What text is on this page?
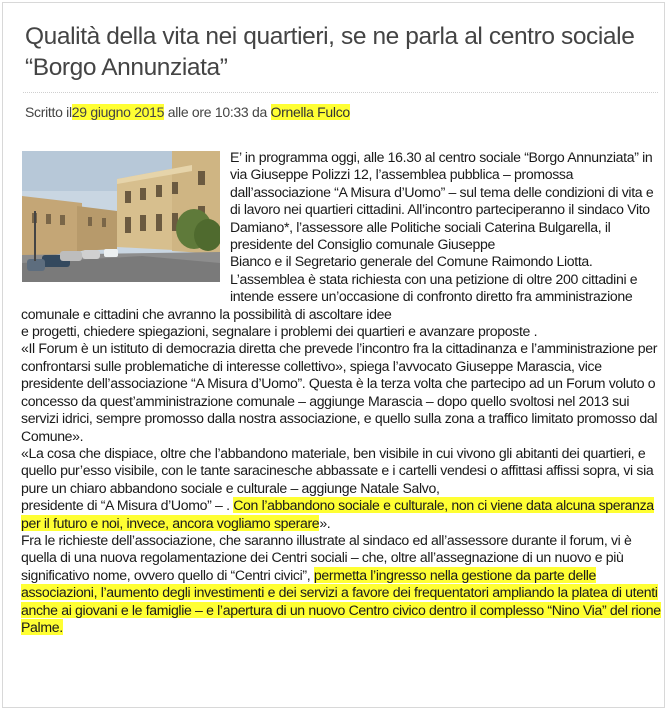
Qualità della vita nei quartieri, se ne parla al centro sociale “Borgo Annunziata”
Scritto il29 giugno 2015 alle ore 10:33 da Ornella Fulco

E’ in programma oggi, alle 16.30 al centro sociale “Borgo Annunziata” in via Giuseppe Polizzi 12, l’assemblea pubblica – promossa dall’associazione “A Misura d’Uomo” – sul tema delle condizioni di vita e di lavoro nei quartieri cittadini. All’incontro parteciperanno il sindaco Vito Damiano*, l’assessore alle Politiche sociali Caterina Bulgarella, il presidente del Consiglio comunale Giuseppe

Bianco e il Segretario generale del Comune Raimondo Liotta.

L’assemblea è stata richiesta con una petizione di oltre 200 cittadini e intende essere un’occasione di confronto diretto fra amministrazione comunale e cittadini che avranno la possibilità di ascoltare idee

e progetti, chiedere spiegazioni, segnalare i problemi dei quartieri e avanzare proposte .

«Il Forum è un istituto di democrazia diretta che prevede l’incontro fra la cittadinanza e l’amministrazione per confrontarsi sulle problematiche di interesse collettivo», spiega l’avvocato Giuseppe Marascia, vice presidente dell’associazione “A Misura d’Uomo”. Questa è la terza volta che partecipo ad un Forum voluto o concesso da quest’amministrazione comunale – aggiunge Marascia – dopo quello svoltosi nel 2013 sui servizi idrici, sempre promosso dalla nostra associazione, e quello sulla zona a traffico limitato promosso dal Comune».

«La cosa che dispiace, oltre che l’abbandono materiale, ben visibile in cui vivono gli abitanti dei quartieri, e quello pur’esso visibile, con le tante saracinesche abbassate e i cartelli vendesi o affittasi affissi sopra, vi sia pure un chiaro abbandono sociale e culturale – aggiunge Natale Salvo,

presidente di “A Misura d’Uomo” – . Con l’abbandono sociale e culturale, non ci viene data alcuna speranza per il futuro e noi, invece, ancora vogliamo sperare».

Fra le richieste dell’associazione, che saranno illustrate al sindaco ed all’assessore durante il forum, vi è quella di una nuova regolamentazione dei Centri sociali – che, oltre all’assegnazione di un nuovo e più significativo nome, ovvero quello di “Centri civici”, permetta l’ingresso nella gestione da parte delle associazioni, l’aumento degli investimenti e dei servizi a favore dei frequentatori ampliando la platea di utenti anche ai giovani e le famiglie – e l’apertura di un nuovo Centro civico dentro il complesso “Nino Via” del rione Palme.
